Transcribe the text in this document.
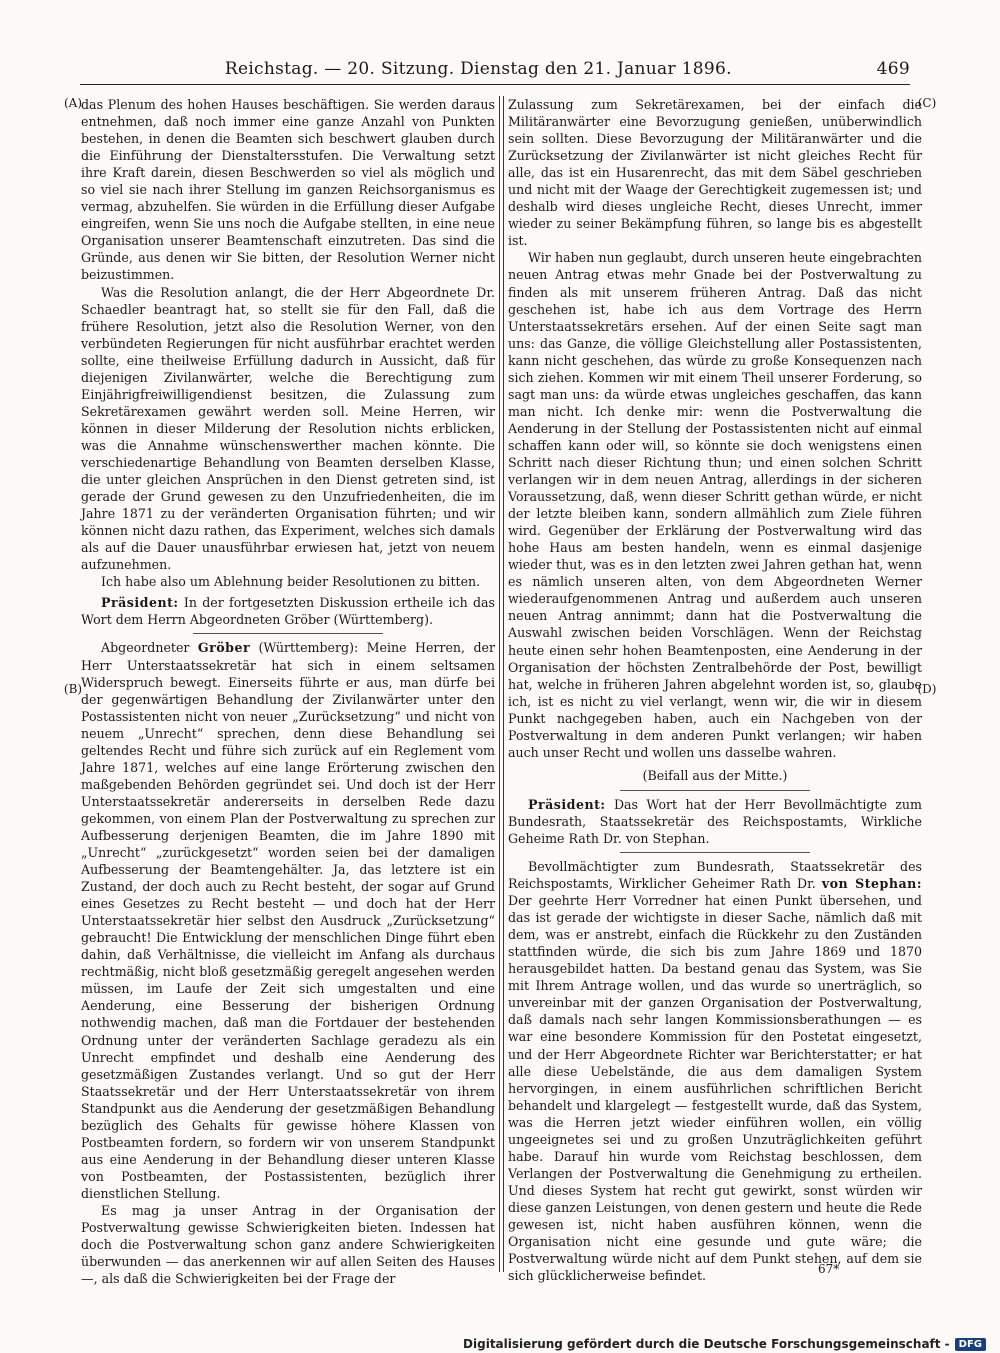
Reichstag. — 20. Sitzung. Dienstag den 21. Januar 1896.	469
(A)
(B)
(C)
(D)

das Plenum des hohen Hauses beschäftigen. Sie werden daraus entnehmen, daß noch immer eine ganze Anzahl von Punkten bestehen, in denen die Beamten sich beschwert glauben durch die Einführung der Dienstaltersstufen. Die Verwaltung setzt ihre Kraft darein, diesen Beschwerden so viel als möglich und so viel sie nach ihrer Stellung im ganzen Reichsorganismus es vermag, abzuhelfen. Sie würden in die Erfüllung dieser Aufgabe eingreifen, wenn Sie uns noch die Aufgabe stellten, in eine neue Organisation unserer Beamtenschaft einzutreten. Das sind die Gründe, aus denen wir Sie bitten, der Resolution Werner nicht beizustimmen.

Was die Resolution anlangt, die der Herr Abgeordnete Dr. Schaedler beantragt hat, so stellt sie für den Fall, daß die frühere Resolution, jetzt also die Resolution Werner, von den verbündeten Regierungen für nicht ausführbar erachtet werden sollte, eine theilweise Erfüllung dadurch in Aussicht, daß für diejenigen Zivilanwärter, welche die Berechtigung zum Einjährigfreiwilligendienst besitzen, die Zulassung zum Sekretärexamen gewährt werden soll. Meine Herren, wir können in dieser Milderung der Resolution nichts erblicken, was die Annahme wünschenswerther machen könnte. Die verschiedenartige Behandlung von Beamten derselben Klasse, die unter gleichen Ansprüchen in den Dienst getreten sind, ist gerade der Grund gewesen zu den Unzufriedenheiten, die im Jahre 1871 zu der veränderten Organisation führten; und wir können nicht dazu rathen, das Experiment, welches sich damals als auf die Dauer unausführbar erwiesen hat, jetzt von neuem aufzunehmen.

Ich habe also um Ablehnung beider Resolutionen zu bitten.

Präsident: In der fortgesetzten Diskussion ertheile ich das Wort dem Herrn Abgeordneten Gröber (Württemberg).

Abgeordneter Gröber (Württemberg): Meine Herren, der Herr Unterstaatssekretär hat sich in einem seltsamen Widerspruch bewegt. Einerseits führte er aus, man dürfe bei der gegenwärtigen Behandlung der Zivilanwärter unter den Postassistenten nicht von neuer „Zurücksetzung“ und nicht von neuem „Unrecht“ sprechen, denn diese Behandlung sei geltendes Recht und führe sich zurück auf ein Reglement vom Jahre 1871, welches auf eine lange Erörterung zwischen den maßgebenden Behörden gegründet sei. Und doch ist der Herr Unterstaatssekretär andererseits in derselben Rede dazu gekommen, von einem Plan der Postverwaltung zu sprechen zur Aufbesserung derjenigen Beamten, die im Jahre 1890 mit „Unrecht“ „zurückgesetzt“ worden seien bei der damaligen Aufbesserung der Beamtengehälter. Ja, das letztere ist ein Zustand, der doch auch zu Recht besteht, der sogar auf Grund eines Gesetzes zu Recht besteht — und doch hat der Herr Unterstaatssekretär hier selbst den Ausdruck „Zurücksetzung“ gebraucht! Die Entwicklung der menschlichen Dinge führt eben dahin, daß Verhältnisse, die vielleicht im Anfang als durchaus rechtmäßig, nicht bloß gesetzmäßig geregelt angesehen werden müssen, im Laufe der Zeit sich umgestalten und eine Aenderung, eine Besserung der bisherigen Ordnung nothwendig machen, daß man die Fortdauer der bestehenden Ordnung unter der veränderten Sachlage geradezu als ein Unrecht empfindet und deshalb eine Aenderung des gesetzmäßigen Zustandes verlangt. Und so gut der Herr Staatssekretär und der Herr Unterstaatssekretär von ihrem Standpunkt aus die Aenderung der gesetzmäßigen Behandlung bezüglich des Gehalts für gewisse höhere Klassen von Postbeamten fordern, so fordern wir von unserem Standpunkt aus eine Aenderung in der Behandlung dieser unteren Klasse von Postbeamten, der Postassistenten, bezüglich ihrer dienstlichen Stellung.

Es mag ja unser Antrag in der Organisation der Postverwaltung gewisse Schwierigkeiten bieten. Indessen hat doch die Postverwaltung schon ganz andere Schwierigkeiten überwunden — das anerkennen wir auf allen Seiten des Hauses —, als daß die Schwierigkeiten bei der Frage der

Zulassung zum Sekretärexamen, bei der einfach die Militäranwärter eine Bevorzugung genießen, unüberwindlich sein sollten. Diese Bevorzugung der Militäranwärter und die Zurücksetzung der Zivilanwärter ist nicht gleiches Recht für alle, das ist ein Husarenrecht, das mit dem Säbel geschrieben und nicht mit der Waage der Gerechtigkeit zugemessen ist; und deshalb wird dieses ungleiche Recht, dieses Unrecht, immer wieder zu seiner Bekämpfung führen, so lange bis es abgestellt ist.

Wir haben nun geglaubt, durch unseren heute eingebrachten neuen Antrag etwas mehr Gnade bei der Postverwaltung zu finden als mit unserem früheren Antrag. Daß das nicht geschehen ist, habe ich aus dem Vortrage des Herrn Unterstaatssekretärs ersehen. Auf der einen Seite sagt man uns: das Ganze, die völlige Gleichstellung aller Postassistenten, kann nicht geschehen, das würde zu große Konsequenzen nach sich ziehen. Kommen wir mit einem Theil unserer Forderung, so sagt man uns: da würde etwas ungleiches geschaffen, das kann man nicht. Ich denke mir: wenn die Postverwaltung die Aenderung in der Stellung der Postassistenten nicht auf einmal schaffen kann oder will, so könnte sie doch wenigstens einen Schritt nach dieser Richtung thun; und einen solchen Schritt verlangen wir in dem neuen Antrag, allerdings in der sicheren Voraussetzung, daß, wenn dieser Schritt gethan würde, er nicht der letzte bleiben kann, sondern allmählich zum Ziele führen wird. Gegenüber der Erklärung der Postverwaltung wird das hohe Haus am besten handeln, wenn es einmal dasjenige wieder thut, was es in den letzten zwei Jahren gethan hat, wenn es nämlich unseren alten, von dem Abgeordneten Werner wiederaufgenommenen Antrag und außerdem auch unseren neuen Antrag annimmt; dann hat die Postverwaltung die Auswahl zwischen beiden Vorschlägen. Wenn der Reichstag heute einen sehr hohen Beamtenposten, eine Aenderung in der Organisation der höchsten Zentralbehörde der Post, bewilligt hat, welche in früheren Jahren abgelehnt worden ist, so, glaube ich, ist es nicht zu viel verlangt, wenn wir, die wir in diesem Punkt nachgegeben haben, auch ein Nachgeben von der Postverwaltung in dem anderen Punkt verlangen; wir haben auch unser Recht und wollen uns dasselbe wahren.

(Beifall aus der Mitte.)

Präsident: Das Wort hat der Herr Bevollmächtigte zum Bundesrath, Staatssekretär des Reichspostamts, Wirkliche Geheime Rath Dr. von Stephan.

Bevollmächtigter zum Bundesrath, Staatssekretär des Reichspostamts, Wirklicher Geheimer Rath Dr. von Stephan: Der geehrte Herr Vorredner hat einen Punkt übersehen, und das ist gerade der wichtigste in dieser Sache, nämlich daß mit dem, was er anstrebt, einfach die Rückkehr zu den Zuständen stattfinden würde, die sich bis zum Jahre 1869 und 1870 herausgebildet hatten. Da bestand genau das System, was Sie mit Ihrem Antrage wollen, und das wurde so unerträglich, so unvereinbar mit der ganzen Organisation der Postverwaltung, daß damals nach sehr langen Kommissionsberathungen — es war eine besondere Kommission für den Postetat eingesetzt, und der Herr Abgeordnete Richter war Berichterstatter; er hat alle diese Uebelstände, die aus dem damaligen System hervorgingen, in einem ausführlichen schriftlichen Bericht behandelt und klargelegt — festgestellt wurde, daß das System, was die Herren jetzt wieder einführen wollen, ein völlig ungeeignetes sei und zu großen Unzuträglichkeiten geführt habe. Darauf hin wurde vom Reichstag beschlossen, dem Verlangen der Postverwaltung die Genehmigung zu ertheilen. Und dieses System hat recht gut gewirkt, sonst würden wir diese ganzen Leistungen, von denen gestern und heute die Rede gewesen ist, nicht haben ausführen können, wenn die Organisation nicht eine gesunde und gute wäre; die Postverwaltung würde nicht auf dem Punkt stehen, auf dem sie sich glücklicherweise befindet.	67*
Digitalisierung gefördert durch die Deutsche Forschungsgemeinschaft - DFG
